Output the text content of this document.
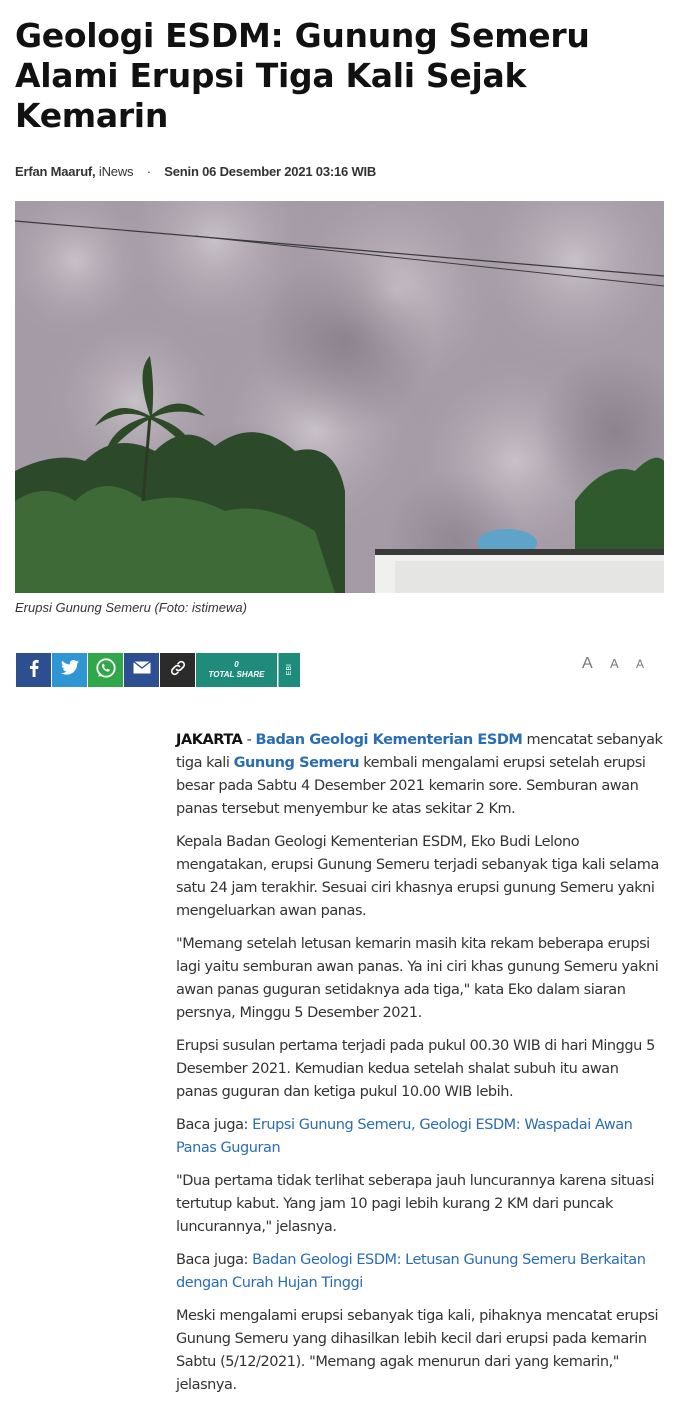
Geologi ESDM: Gunung Semeru Alami Erupsi Tiga Kali Sejak Kemarin
Erfan Maaruf, iNews · Senin 06 Desember 2021 03:16 WIB
Erupsi Gunung Semeru (Foto: istimewa)
0
TOTAL SHARE	EBI	A	A	A

JAKARTA - Badan Geologi Kementerian ESDM mencatat sebanyak tiga kali Gunung Semeru kembali mengalami erupsi setelah erupsi besar pada Sabtu 4 Desember 2021 kemarin sore. Semburan awan panas tersebut menyembur ke atas sekitar 2 Km.

Kepala Badan Geologi Kementerian ESDM, Eko Budi Lelono mengatakan, erupsi Gunung Semeru terjadi sebanyak tiga kali selama satu 24 jam terakhir. Sesuai ciri khasnya erupsi gunung Semeru yakni mengeluarkan awan panas.

"Memang setelah letusan kemarin masih kita rekam beberapa erupsi lagi yaitu semburan awan panas. Ya ini ciri khas gunung Semeru yakni awan panas guguran setidaknya ada tiga," kata Eko dalam siaran persnya, Minggu 5 Desember 2021.

Erupsi susulan pertama terjadi pada pukul 00.30 WIB di hari Minggu 5 Desember 2021. Kemudian kedua setelah shalat subuh itu awan panas guguran dan ketiga pukul 10.00 WIB lebih.

Baca juga: Erupsi Gunung Semeru, Geologi ESDM: Waspadai Awan Panas Guguran

"Dua pertama tidak terlihat seberapa jauh luncurannya karena situasi tertutup kabut. Yang jam 10 pagi lebih kurang 2 KM dari puncak luncurannya," jelasnya.

Baca juga: Badan Geologi ESDM: Letusan Gunung Semeru Berkaitan dengan Curah Hujan Tinggi

Meski mengalami erupsi sebanyak tiga kali, pihaknya mencatat erupsi Gunung Semeru yang dihasilkan lebih kecil dari erupsi pada kemarin Sabtu (5/12/2021). "Memang agak menurun dari yang kemarin," jelasnya.
